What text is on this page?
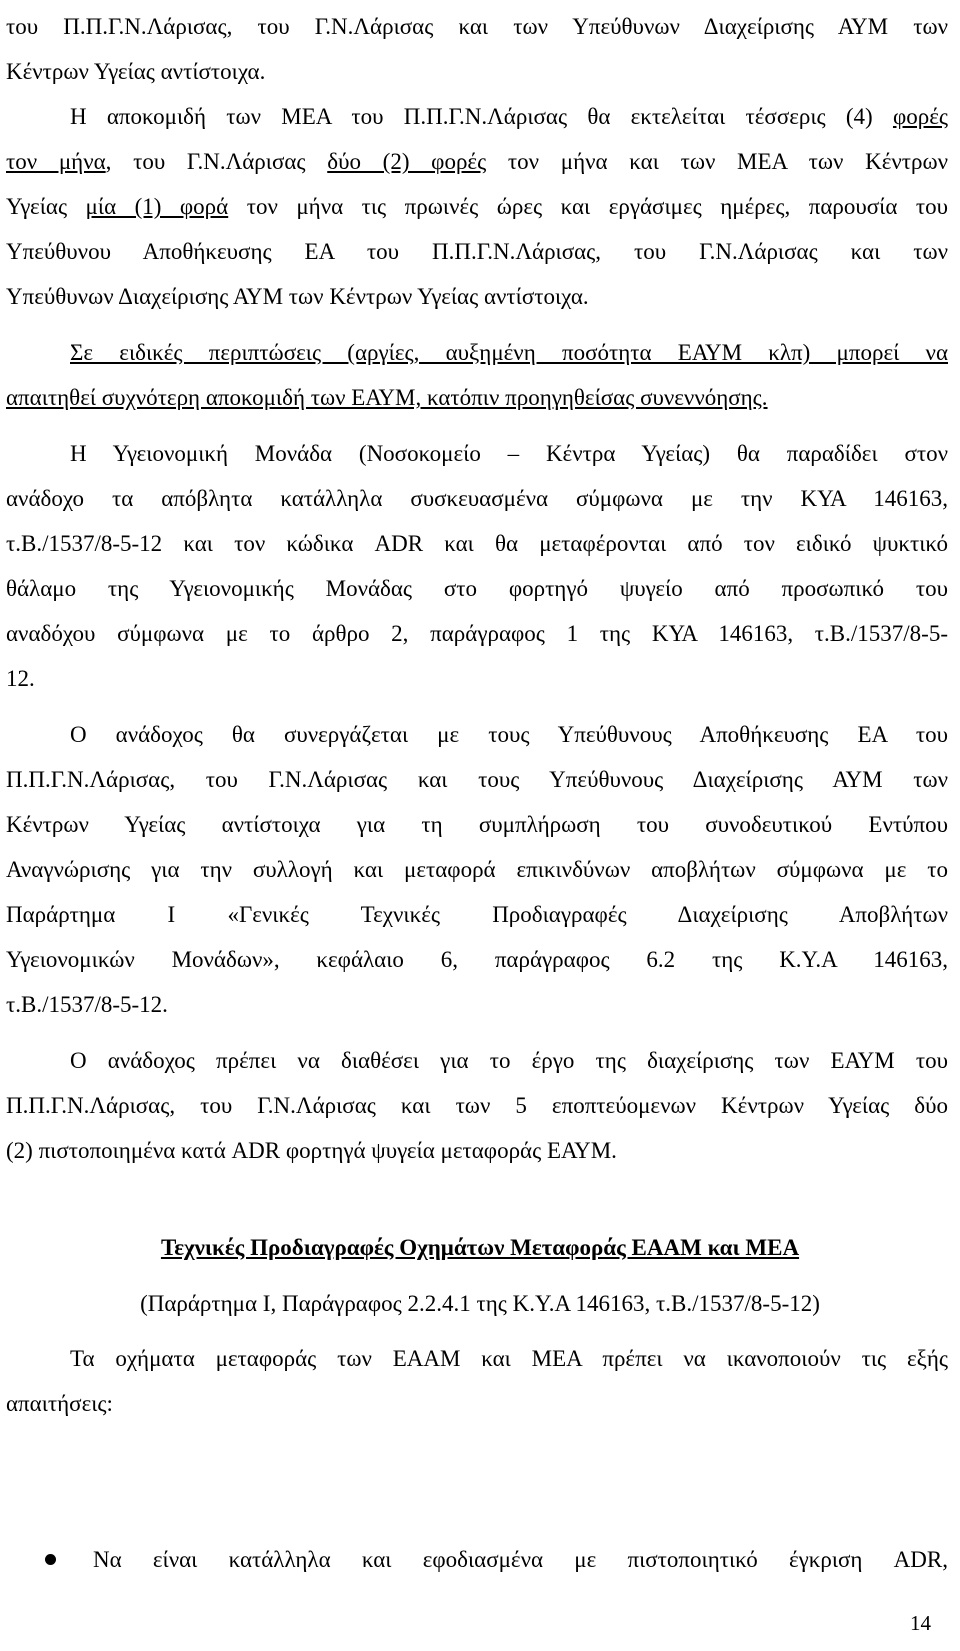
του Π.Π.Γ.Ν.Λάρισας, του Γ.Ν.Λάρισας και των Υπεύθυνων Διαχείρισης ΑΥΜ των
Κέντρων Υγείας αντίστοιχα.
Η αποκομιδή των ΜΕΑ του Π.Π.Γ.Ν.Λάρισας θα εκτελείται τέσσερις (4) φορές
τον μήνα, του Γ.Ν.Λάρισας δύο (2) φορές τον μήνα και των ΜΕΑ των Κέντρων
Υγείας μία (1) φορά τον μήνα τις πρωινές ώρες και εργάσιμες ημέρες, παρουσία του
Υπεύθυνου Αποθήκευσης ΕΑ του Π.Π.Γ.Ν.Λάρισας, του Γ.Ν.Λάρισας και των
Υπεύθυνων Διαχείρισης ΑΥΜ των Κέντρων Υγείας αντίστοιχα.
Σε ειδικές περιπτώσεις (αργίες, αυξημένη ποσότητα ΕΑΥΜ κλπ) μπορεί να
απαιτηθεί συχνότερη αποκομιδή των ΕΑΥΜ, κατόπιν προηγηθείσας συνεννόησης.
Η Υγειονομική Μονάδα (Νοσοκομείο – Κέντρα Υγείας) θα παραδίδει στον
ανάδοχο τα απόβλητα κατάλληλα συσκευασμένα σύμφωνα με την ΚΥΑ 146163,
τ.Β./1537/8-5-12 και τον κώδικα ADR και θα μεταφέρονται από τον ειδικό ψυκτικό
θάλαμο της Υγειονομικής Μονάδας στο φορτηγό ψυγείο από προσωπικό του
αναδόχου σύμφωνα με το άρθρο 2, παράγραφος 1 της ΚΥΑ 146163, τ.Β./1537/8-5-
12.
Ο ανάδοχος θα συνεργάζεται με τους Υπεύθυνους Αποθήκευσης ΕΑ του
Π.Π.Γ.Ν.Λάρισας, του Γ.Ν.Λάρισας και τους Υπεύθυνους Διαχείρισης ΑΥΜ των
Κέντρων Υγείας αντίστοιχα για τη συμπλήρωση του συνοδευτικού Εντύπου
Αναγνώρισης για την συλλογή και μεταφορά επικινδύνων αποβλήτων σύμφωνα με το
Παράρτημα Ι «Γενικές Τεχνικές Προδιαγραφές Διαχείρισης Αποβλήτων
Υγειονομικών Μονάδων», κεφάλαιο 6, παράγραφος 6.2 της Κ.Υ.Α 146163,
τ.Β./1537/8-5-12.
Ο ανάδοχος πρέπει να διαθέσει για το έργο της διαχείρισης των ΕΑΥΜ του
Π.Π.Γ.Ν.Λάρισας, του Γ.Ν.Λάρισας και των 5 εποπτεύομενων Κέντρων Υγείας δύο
(2) πιστοποιημένα κατά ADR φορτηγά ψυγεία μεταφοράς ΕΑΥΜ.
Τεχνικές Προδιαγραφές Οχημάτων Μεταφοράς ΕΑΑΜ και ΜΕΑ
(Παράρτημα Ι, Παράγραφος 2.2.4.1 της Κ.Υ.Α 146163, τ.Β./1537/8-5-12)
Τα οχήματα μεταφοράς των ΕΑΑΜ και ΜΕΑ πρέπει να ικανοποιούν τις εξής
απαιτήσεις:
Να είναι κατάλληλα και εφοδιασμένα με πιστοποιητικό έγκριση ADR,
14
